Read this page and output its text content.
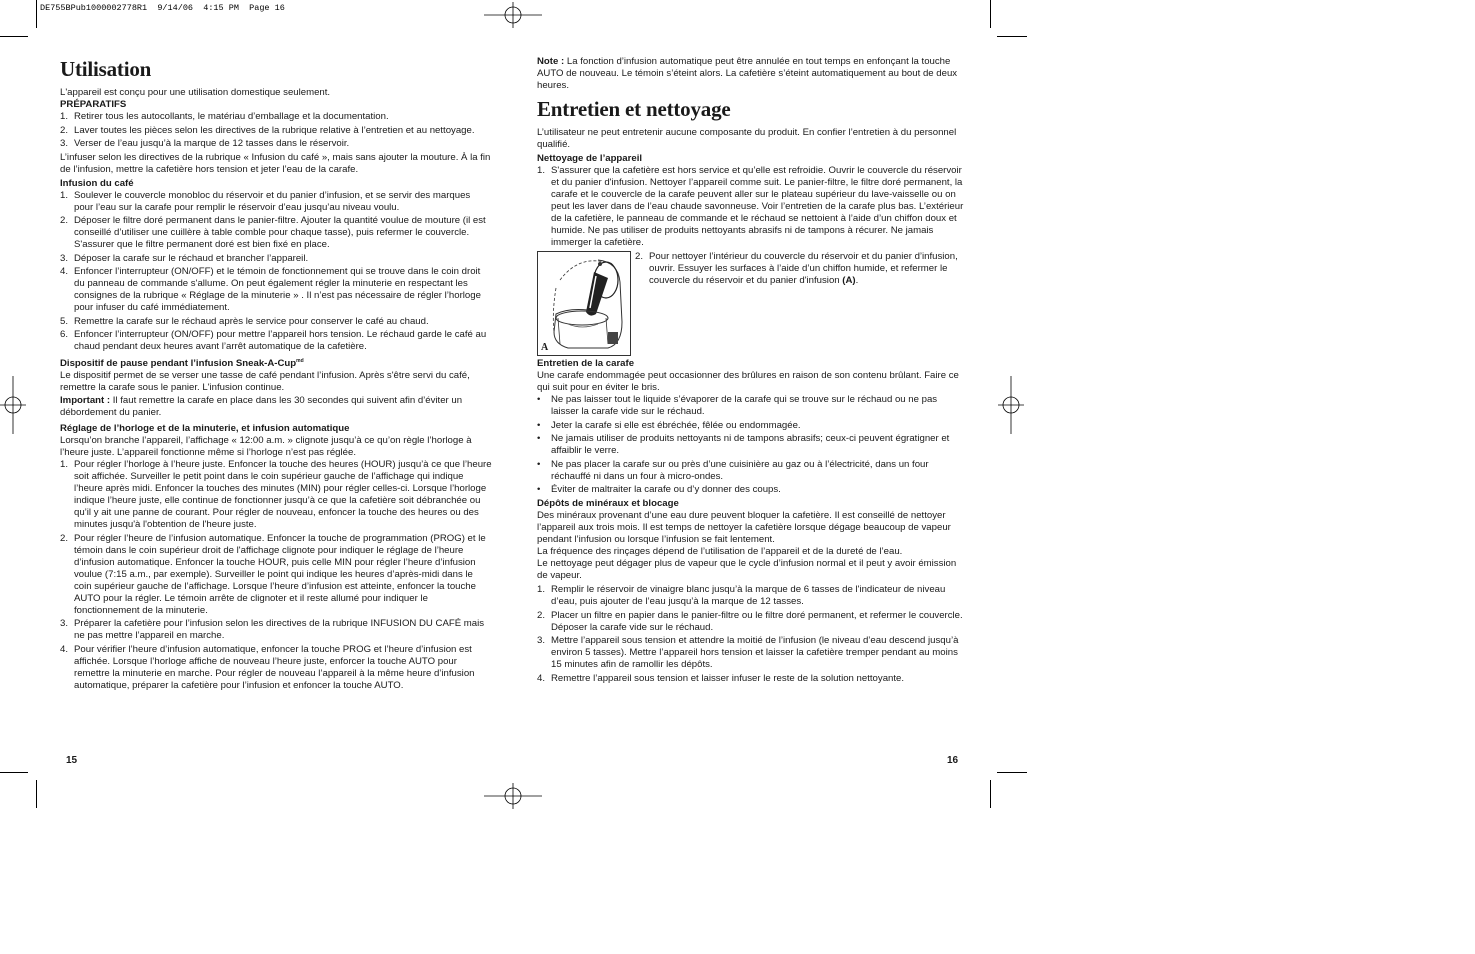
DE755BPub1000002778R1  9/14/06  4:15 PM  Page 16
Utilisation

L'appareil est conçu pour une utilisation domestique seulement.

PRÉPARATIFS

1. Retirer tous les autocollants, le matériau d’emballage et la documentation.
2. Laver toutes les pièces selon les directives de la rubrique relative à l’entretien et au nettoyage.
3. Verser de l’eau jusqu’à la marque de 12 tasses dans le réservoir.

L’infuser selon les directives de la rubrique « Infusion du café », mais sans ajouter la mouture. À la fin de l’infusion, mettre la cafetière hors tension et jeter l’eau de la carafe.

Infusion du café

1. Soulever le couvercle monobloc du réservoir et du panier d’infusion, et se servir des marques pour l’eau sur la carafe pour remplir le réservoir d’eau jusqu’au niveau voulu.
2. Déposer le filtre doré permanent dans le panier-filtre. Ajouter la quantité voulue de mouture (il est conseillé d’utiliser une cuillère à table comble pour chaque tasse), puis refermer le couvercle. S'assurer que le filtre permanent doré est bien fixé en place.
3. Déposer la carafe sur le réchaud et brancher l’appareil.
4. Enfoncer l’interrupteur (ON/OFF) et le témoin de fonctionnement qui se trouve dans le coin droit du panneau de commande s'allume. On peut également régler la minuterie en respectant les consignes de la rubrique « Réglage de la minuterie » . Il n’est pas nécessaire de régler l’horloge pour infuser du café immédiatement.
5. Remettre la carafe sur le réchaud après le service pour conserver le café au chaud.
6. Enfoncer l’interrupteur (ON/OFF) pour mettre l’appareil hors tension. Le réchaud garde le café au chaud pendant deux heures avant l’arrêt automatique de la cafetière.

Dispositif de pause pendant l’infusion Sneak-A-Cup$^{md}$

Le dispositif permet de se verser une tasse de café pendant l’infusion. Après s'être servi du café, remettre la carafe sous le panier. L'infusion continue.

Important : Il faut remettre la carafe en place dans les 30 secondes qui suivent afin d’éviter un débordement du panier.

Réglage de l’horloge et de la minuterie, et infusion automatique

Lorsqu’on branche l’appareil, l’affichage « 12:00 a.m. » clignote jusqu’à ce qu’on règle l’horloge à l’heure juste. L’appareil fonctionne même si l’horloge n’est pas réglée.

1. Pour régler l’horloge à l’heure juste. Enfoncer la touche des heures (HOUR) jusqu’à ce que l’heure soit affichée. Surveiller le petit point dans le coin supérieur gauche de l’affichage qui indique l’heure après midi. Enfoncer la touches des minutes (MIN) pour régler celles-ci. Lorsque l’horloge indique l’heure juste, elle continue de fonctionner jusqu’à ce que la cafetière soit débranchée ou qu’il y ait une panne de courant. Pour régler de nouveau, enfoncer la touche des heures ou des minutes jusqu'à l'obtention de l'heure juste.
2. Pour régler l’heure de l’infusion automatique. Enfoncer la touche de programmation (PROG) et le témoin dans le coin supérieur droit de l'affichage clignote pour indiquer le réglage de l’heure d’infusion automatique. Enfoncer la touche HOUR, puis celle MIN pour régler l’heure d’infusion voulue (7:15 a.m., par exemple). Surveiller le point qui indique les heures d’après-midi dans le coin supérieur gauche de l’affichage. Lorsque l’heure d’infusion est atteinte, enfoncer la touche AUTO pour la régler. Le témoin arrête de clignoter et il reste allumé pour indiquer le fonctionnement de la minuterie.
3. Préparer la cafetière pour l’infusion selon les directives de la rubrique INFUSION DU CAFÉ mais ne pas mettre l’appareil en marche.
4. Pour vérifier l’heure d’infusion automatique, enfoncer la touche PROG et l’heure d’infusion est affichée. Lorsque l’horloge affiche de nouveau l’heure juste, enforcer la touche AUTO pour remettre la minuterie en marche. Pour régler de nouveau l’appareil à la même heure d’infusion automatique, préparer la cafetière pour l’infusion et enfoncer la touche AUTO.
15

Note : La fonction d’infusion automatique peut être annulée en tout temps en enfonçant la touche AUTO de nouveau. Le témoin s’éteint alors. La cafetière s’éteint automatiquement au bout de deux heures.

Entretien et nettoyage

L’utilisateur ne peut entretenir aucune composante du produit. En confier l’entretien à du personnel qualifié.

Nettoyage de l’appareil

1. S'assurer que la cafetière est hors service et qu’elle est refroidie. Ouvrir le couvercle du réservoir et du panier d'infusion. Nettoyer l’appareil comme suit. Le panier-filtre, le filtre doré permanent, la carafe et le couvercle de la carafe peuvent aller sur le plateau supérieur du lave-vaisselle ou on peut les laver dans de l’eau chaude savonneuse. Voir l’entretien de la carafe plus bas. L’extérieur de la cafetière, le panneau de commande et le réchaud se nettoient à l’aide d’un chiffon doux et humide. Ne pas utiliser de produits nettoyants abrasifs ni de tampons à récurer. Ne jamais immerger la cafetière.
A
2. Pour nettoyer l’intérieur du couvercle du réservoir et du panier d’infusion, ouvrir. Essuyer les surfaces à l’aide d’un chiffon humide, et refermer le couvercle du réservoir et du panier d'infusion (A).

Entretien de la carafe

Une carafe endommagée peut occasionner des brûlures en raison de son contenu brûlant. Faire ce qui suit pour en éviter le bris.

• Ne pas laisser tout le liquide s’évaporer de la carafe qui se trouve sur le réchaud ou ne pas laisser la carafe vide sur le réchaud.
• Jeter la carafe si elle est ébréchée, fêlée ou endommagée.
• Ne jamais utiliser de produits nettoyants ni de tampons abrasifs; ceux-ci peuvent égratigner et affaiblir le verre.
• Ne pas placer la carafe sur ou près d’une cuisinière au gaz ou à l’électricité, dans un four réchauffé ni dans un four à micro-ondes.
• Éviter de maltraiter la carafe ou d’y donner des coups.

Dépôts de minéraux et blocage

Des minéraux provenant d’une eau dure peuvent bloquer la cafetière. Il est conseillé de nettoyer l’appareil aux trois mois. Il est temps de nettoyer la cafetière lorsque dégage beaucoup de vapeur pendant l’infusion ou lorsque l’infusion se fait lentement.

La fréquence des rinçages dépend de l’utilisation de l’appareil et de la dureté de l’eau.

Le nettoyage peut dégager plus de vapeur que le cycle d’infusion normal et il peut y avoir émission de vapeur.

1. Remplir le réservoir de vinaigre blanc jusqu’à la marque de 6 tasses de l'indicateur de niveau d’eau, puis ajouter de l’eau jusqu’à la marque de 12 tasses.
2. Placer un filtre en papier dans le panier-filtre ou le filtre doré permanent, et refermer le couvercle. Déposer la carafe vide sur le réchaud.
3. Mettre l’appareil sous tension et attendre la moitié de l’infusion (le niveau d’eau descend jusqu’à environ 5 tasses). Mettre l’appareil hors tension et laisser la cafetière tremper pendant au moins 15 minutes afin de ramollir les dépôts.
4. Remettre l’appareil sous tension et laisser infuser le reste de la solution nettoyante.
16
